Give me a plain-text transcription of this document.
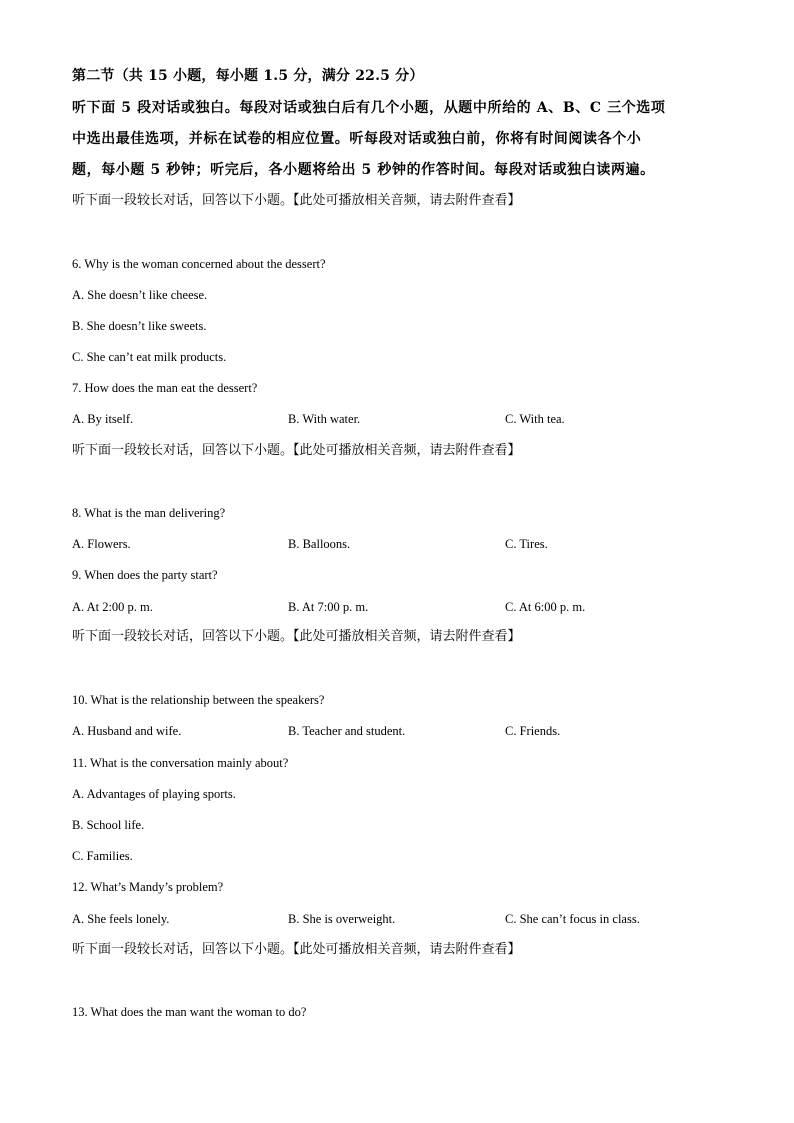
第二节（共 15 小题，每小题 1.5 分，满分 22.5 分）
听下面 5 段对话或独白。每段对话或独白后有几个小题，从题中所给的 A、B、C 三个选项
中选出最佳选项，并标在试卷的相应位置。听每段对话或独白前，你将有时间阅读各个小
题，每小题 5 秒钟；听完后，各小题将给出 5 秒钟的作答时间。每段对话或独白读两遍。
听下面一段较长对话，回答以下小题。【此处可播放相关音频，请去附件查看】
6. Why is the woman concerned about the dessert?
A. She doesn’t like cheese.
B. She doesn’t like sweets.
C. She can’t eat milk products.
7. How does the man eat the dessert?
A. By itself.	B. With water.	C. With tea.
听下面一段较长对话，回答以下小题。【此处可播放相关音频，请去附件查看】
8. What is the man delivering?
A. Flowers.	B. Balloons.	C. Tires.
9. When does the party start?
A. At 2:00 p. m.	B. At 7:00 p. m.	C. At 6:00 p. m.
听下面一段较长对话，回答以下小题。【此处可播放相关音频，请去附件查看】
10. What is the relationship between the speakers?
A. Husband and wife.	B. Teacher and student.	C. Friends.
11. What is the conversation mainly about?
A. Advantages of playing sports.
B. School life.
C. Families.
12. What’s Mandy’s problem?
A. She feels lonely.	B. She is overweight.	C. She can’t focus in class.
听下面一段较长对话，回答以下小题。【此处可播放相关音频，请去附件查看】
13. What does the man want the woman to do?
